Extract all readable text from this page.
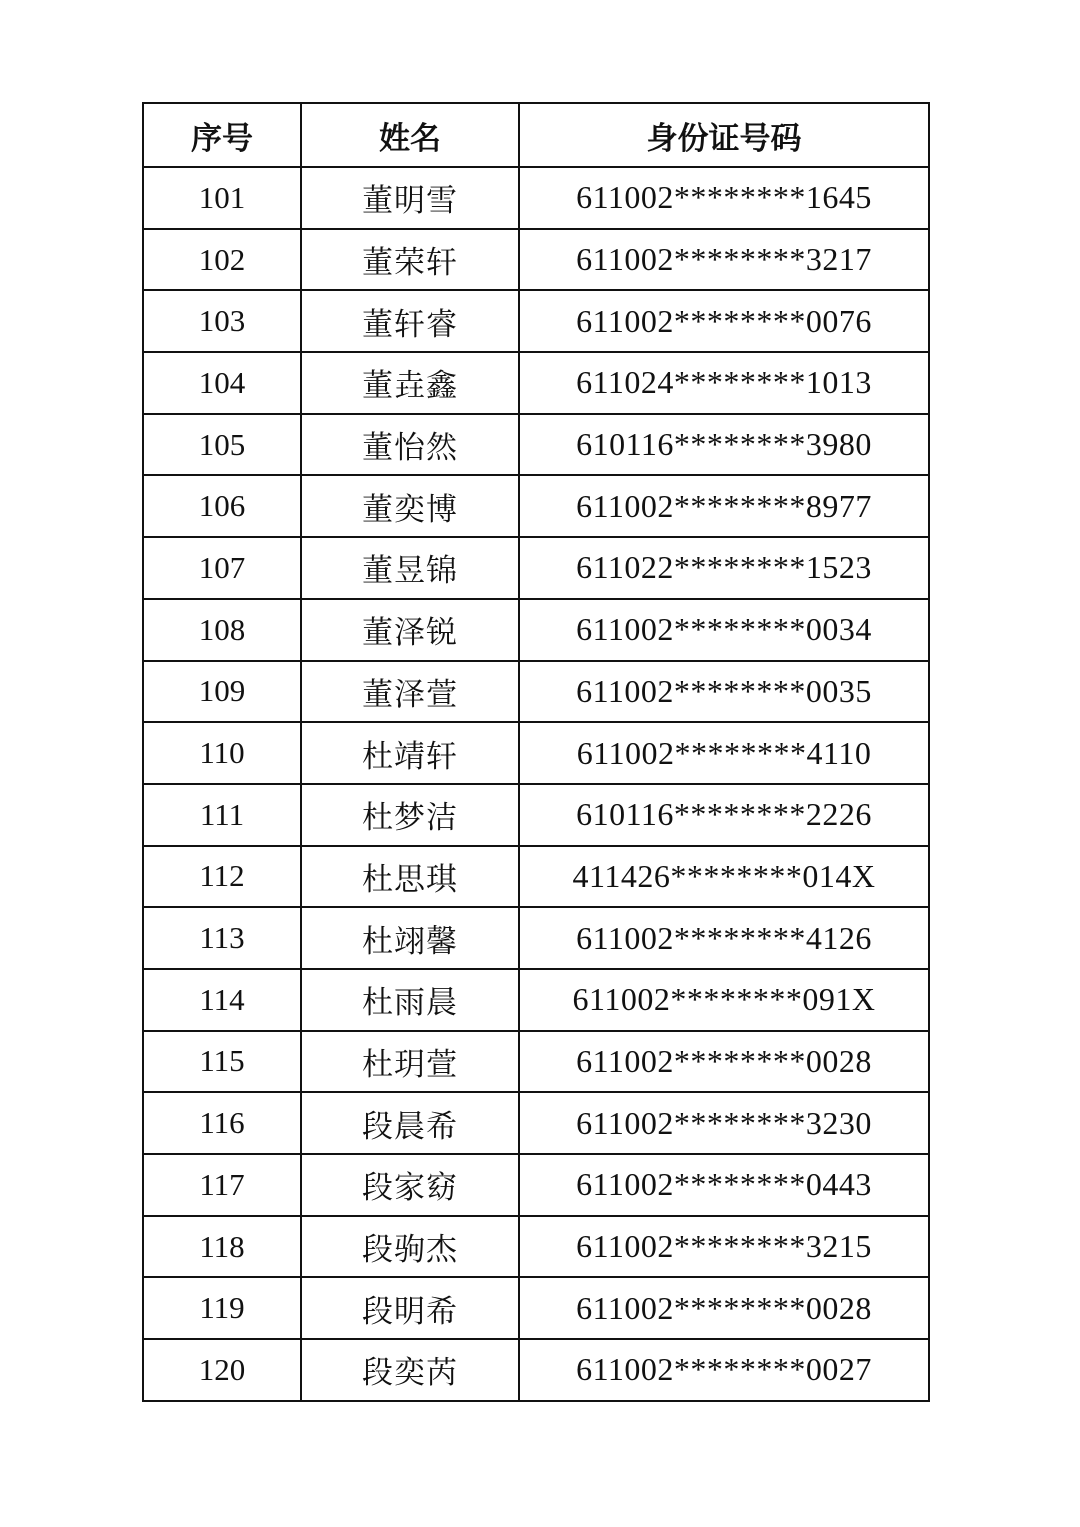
序号	姓名	身份证号码
101	董明雪	611002********1645
102	董荣轩	611002********3217
103	董轩睿	611002********0076
104	董垚鑫	611024********1013
105	董怡然	610116********3980
106	董奕博	611002********8977
107	董昱锦	611022********1523
108	董泽锐	611002********0034
109	董泽萱	611002********0035
110	杜靖轩	611002********4110
111	杜梦洁	610116********2226
112	杜思琪	411426********014X
113	杜翊馨	611002********4126
114	杜雨晨	611002********091X
115	杜玥萱	611002********0028
116	段晨希	611002********3230
117	段家窈	611002********0443
118	段驹杰	611002********3215
119	段明希	611002********0028
120	段奕芮	611002********0027
